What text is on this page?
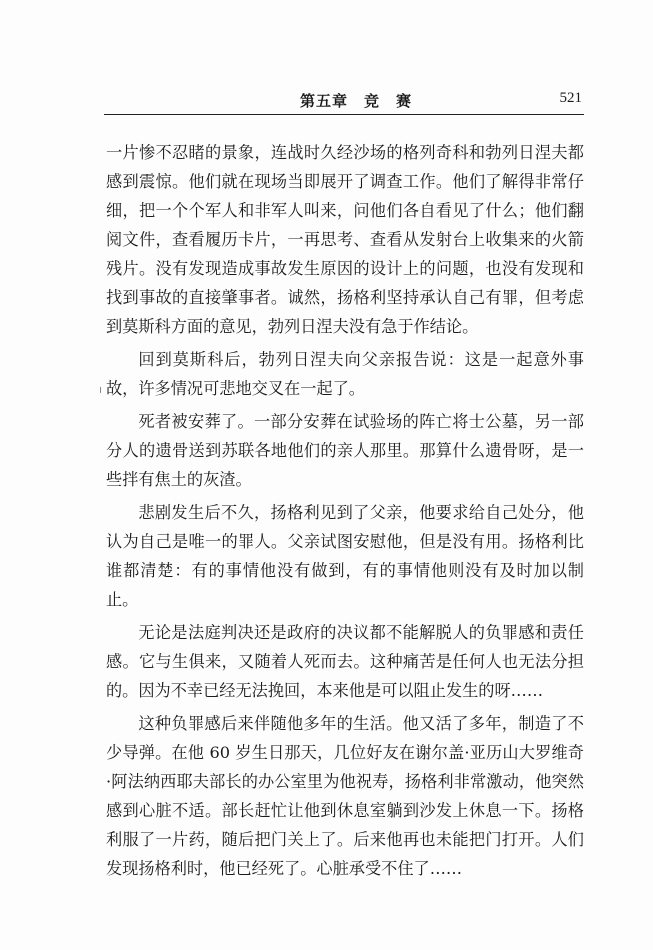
第五章　竞　赛	521

一片惨不忍睹的景象，连战时久经沙场的格列奇科和勃列日涅夫都感到震惊。他们就在现场当即展开了调查工作。他们了解得非常仔细，把一个个军人和非军人叫来，问他们各自看见了什么；他们翻阅文件，查看履历卡片，一再思考、查看从发射台上收集来的火箭残片。没有发现造成事故发生原因的设计上的问题，也没有发现和找到事故的直接肇事者。诚然，扬格利坚持承认自己有罪，但考虑到莫斯科方面的意见，勃列日涅夫没有急于作结论。

回到莫斯科后，勃列日涅夫向父亲报告说：这是一起意外事故，许多情况可悲地交叉在一起了。

死者被安葬了。一部分安葬在试验场的阵亡将士公墓，另一部分人的遗骨送到苏联各地他们的亲人那里。那算什么遗骨呀，是一些拌有焦土的灰渣。

悲剧发生后不久，扬格利见到了父亲，他要求给自己处分，他认为自己是唯一的罪人。父亲试图安慰他，但是没有用。扬格利比谁都清楚：有的事情他没有做到，有的事情他则没有及时加以制止。

无论是法庭判决还是政府的决议都不能解脱人的负罪感和责任感。它与生俱来，又随着人死而去。这种痛苦是任何人也无法分担的。因为不幸已经无法挽回，本来他是可以阻止发生的呀……

这种负罪感后来伴随他多年的生活。他又活了多年，制造了不少导弹。在他 60 岁生日那天，几位好友在谢尔盖·亚历山大罗维奇·阿法纳西耶夫部长的办公室里为他祝寿，扬格利非常激动，他突然感到心脏不适。部长赶忙让他到休息室躺到沙发上休息一下。扬格利服了一片药，随后把门关上了。后来他再也未能把门打开。人们发现扬格利时，他已经死了。心脏承受不住了……
